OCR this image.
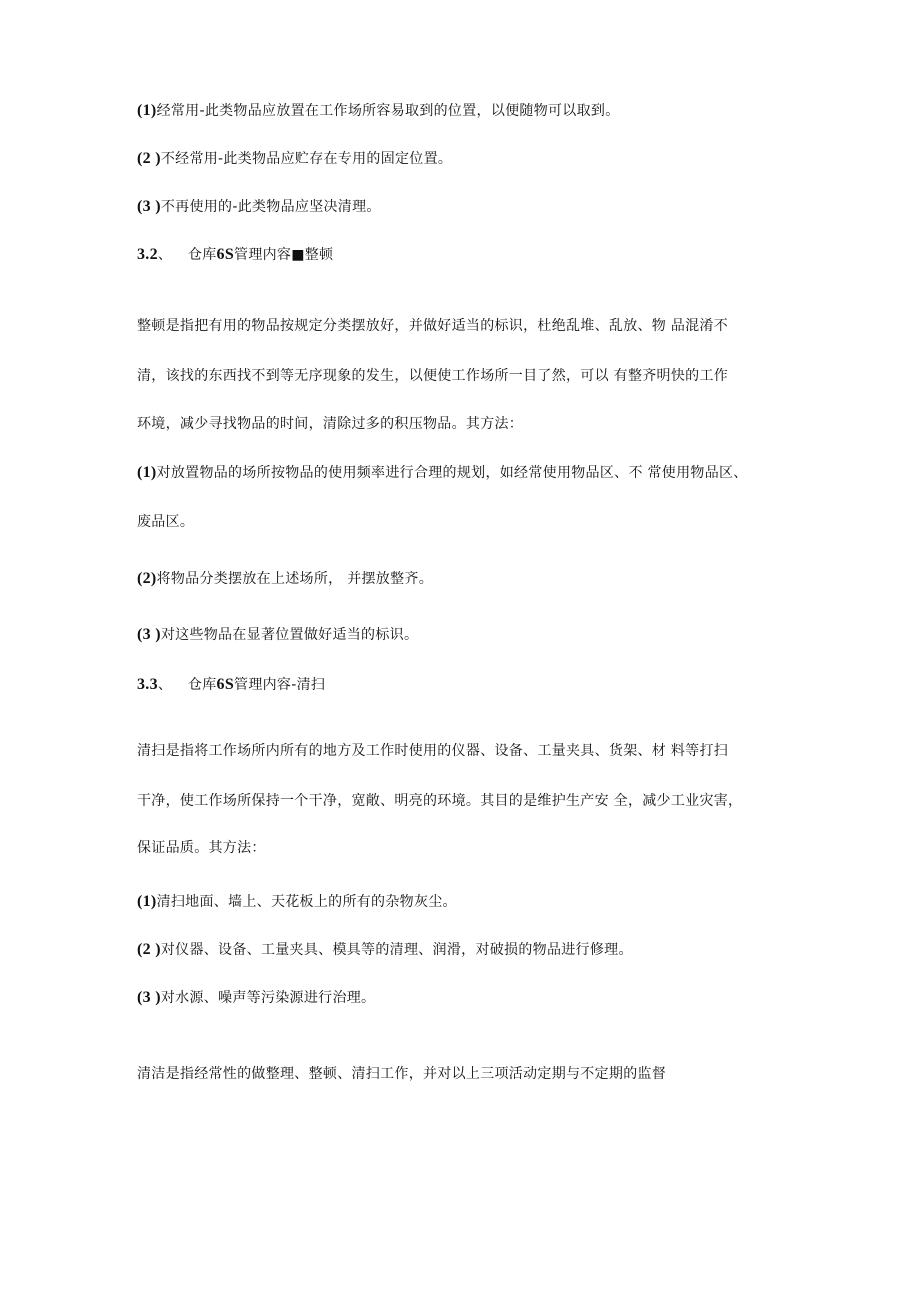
(1)经常用-此类物品应放置在工作场所容易取到的位置，以便随物可以取到。
(2 )不经常用-此类物品应贮存在专用的固定位置。
(3 )不再使用的-此类物品应坚决清理。
3.2、 仓库6S管理内容■整顿
整顿是指把有用的物品按规定分类摆放好，并做好适当的标识，杜绝乱堆、乱放、物 品混淆不
清，该找的东西找不到等无序现象的发生，以便使工作场所一目了然，可以 有整齐明快的工作
环境，减少寻找物品的时间，清除过多的积压物品。其方法：
(1)对放置物品的场所按物品的使用频率进行合理的规划，如经常使用物品区、不 常使用物品区、
废品区。
(2)将物品分类摆放在上述场所， 并摆放整齐。
(3 )对这些物品在显著位置做好适当的标识。
3.3、 仓库6S管理内容-清扫
清扫是指将工作场所内所有的地方及工作时使用的仪器、设备、工量夹具、货架、材 料等打扫
干净，使工作场所保持一个干净，宽敞、明亮的环境。其目的是维护生产安 全，减少工业灾害，
保证品质。其方法：
(1)清扫地面、墙上、天花板上的所有的杂物灰尘。
(2 )对仪器、设备、工量夹具、模具等的清理、润滑，对破损的物品进行修理。
(3 )对水源、噪声等污染源进行治理。
清洁是指经常性的做整理、整顿、清扫工作，并对以上三项活动定期与不定期的监督
